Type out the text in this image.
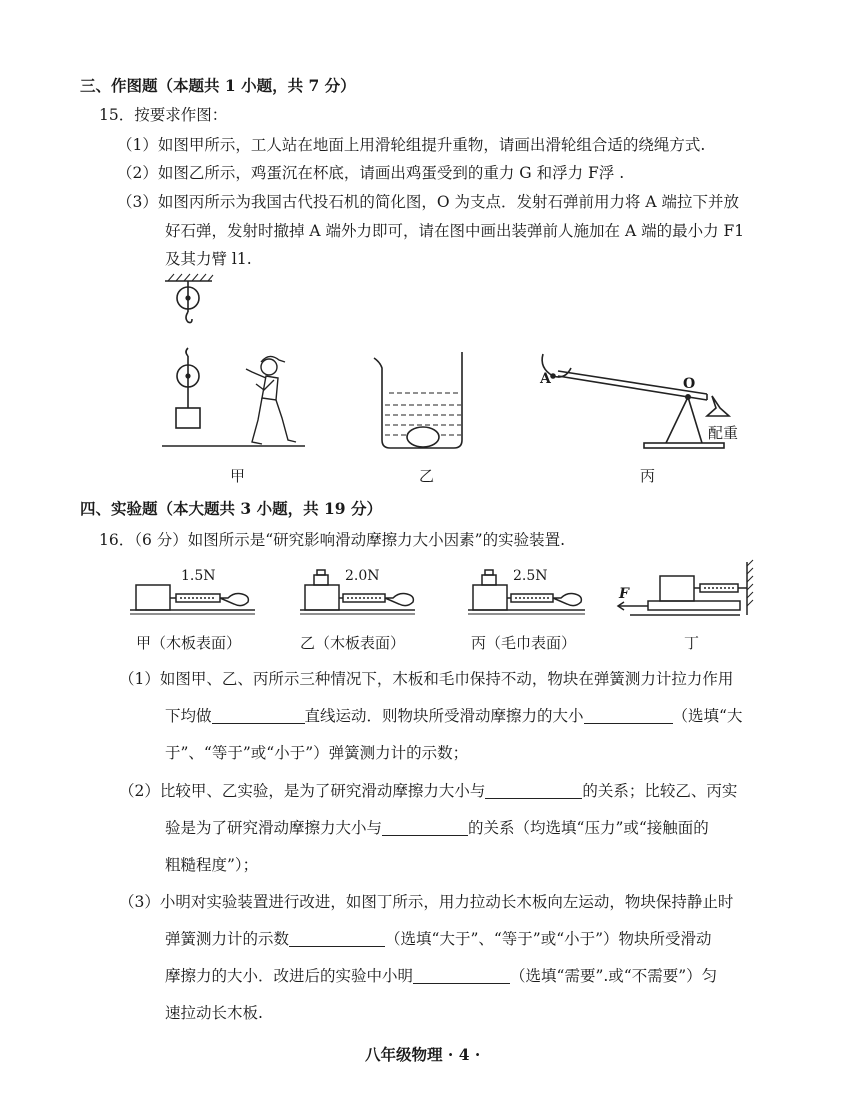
三、作图题（本题共 1 小题，共 7 分）
15．按要求作图：
（1）如图甲所示，工人站在地面上用滑轮组提升重物，请画出滑轮组合适的绕绳方式.
（2）如图乙所示，鸡蛋沉在杯底，请画出鸡蛋受到的重力 G 和浮力 F浮 .
（3）如图丙所示为我国古代投石机的简化图，O 为支点．发射石弹前用力将 A 端拉下并放
好石弹，发射时撤掉 A 端外力即可，请在图中画出装弹前人施加在 A 端的最小力 F1
及其力臂 l1.
A	O
配重
甲	乙	丙
四、实验题（本大题共 3 小题，共 19 分）
16．（6 分）如图所示是“研究影响滑动摩擦力大小因素”的实验装置.
1.5N	2.0N	2.5N
F
甲（木板表面）	乙（木板表面）	丙（毛巾表面）	丁
（1）如图甲、乙、丙所示三种情况下，木板和毛巾保持不动，物块在弹簧测力计拉力作用
下均做	直线运动．则物块所受滑动摩擦力的大小	（选填“大
于”、“等于”或“小于”）弹簧测力计的示数；
（2）比较甲、乙实验，是为了研究滑动摩擦力大小与	的关系；比较乙、丙实
验是为了研究滑动摩擦力大小与	的关系（均选填“压力”或“接触面的
粗糙程度”）；
（3）小明对实验装置进行改进，如图丁所示，用力拉动长木板向左运动，物块保持静止时
弹簧测力计的示数	（选填“大于”、“等于”或“小于”）物块所受滑动
摩擦力的大小．改进后的实验中小明	（选填“需要”.或“不需要”）匀
速拉动长木板.
八年级物理 · 4 ·
